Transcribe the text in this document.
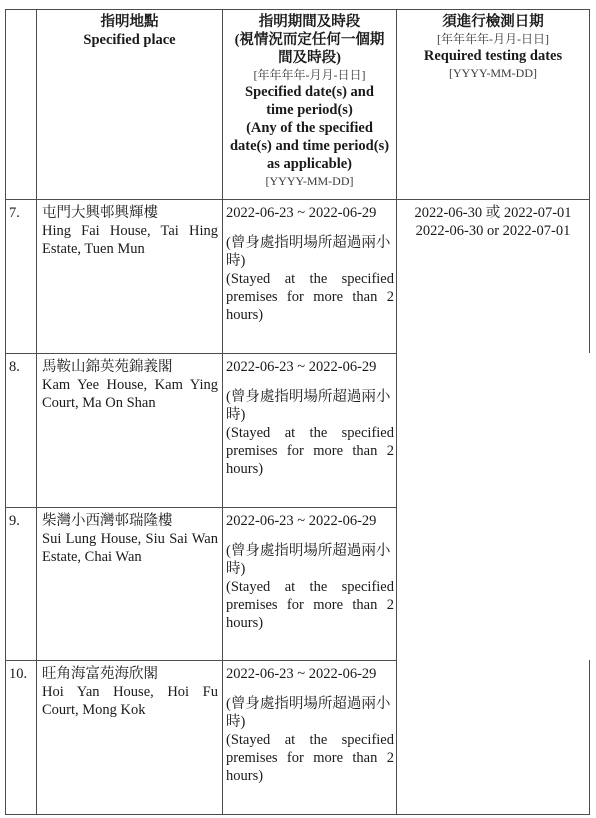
指明地點
Specified place
指明期間及時段
(視情況而定任何一個期間及時段)
[年年年年-月月-日日]
Specified date(s) and time period(s)
(Any of the specified date(s) and time period(s) as applicable)
[YYYY-MM-DD]
須進行檢測日期
[年年年年-月月-日日]
Required testing dates
[YYYY-MM-DD]
7.	屯門大興邨興輝樓
Hing Fai House, Tai Hing Estate, Tuen Mun
2022-06-23 ~ 2022-06-29
(曾身處指明場所超過兩小時)
(Stayed at the specified premises for more than 2 hours)
2022-06-30 或 2022-07-01
2022-06-30 or 2022-07-01
8.	馬鞍山錦英苑錦義閣
Kam Yee House, Kam Ying Court, Ma On Shan
2022-06-23 ~ 2022-06-29
(曾身處指明場所超過兩小時)
(Stayed at the specified premises for more than 2 hours)
9.	柴灣小西灣邨瑞隆樓
Sui Lung House, Siu Sai Wan Estate, Chai Wan
2022-06-23 ~ 2022-06-29
(曾身處指明場所超過兩小時)
(Stayed at the specified premises for more than 2 hours)
10.	旺角海富苑海欣閣
Hoi Yan House, Hoi Fu Court, Mong Kok
2022-06-23 ~ 2022-06-29
(曾身處指明場所超過兩小時)
(Stayed at the specified premises for more than 2 hours)
